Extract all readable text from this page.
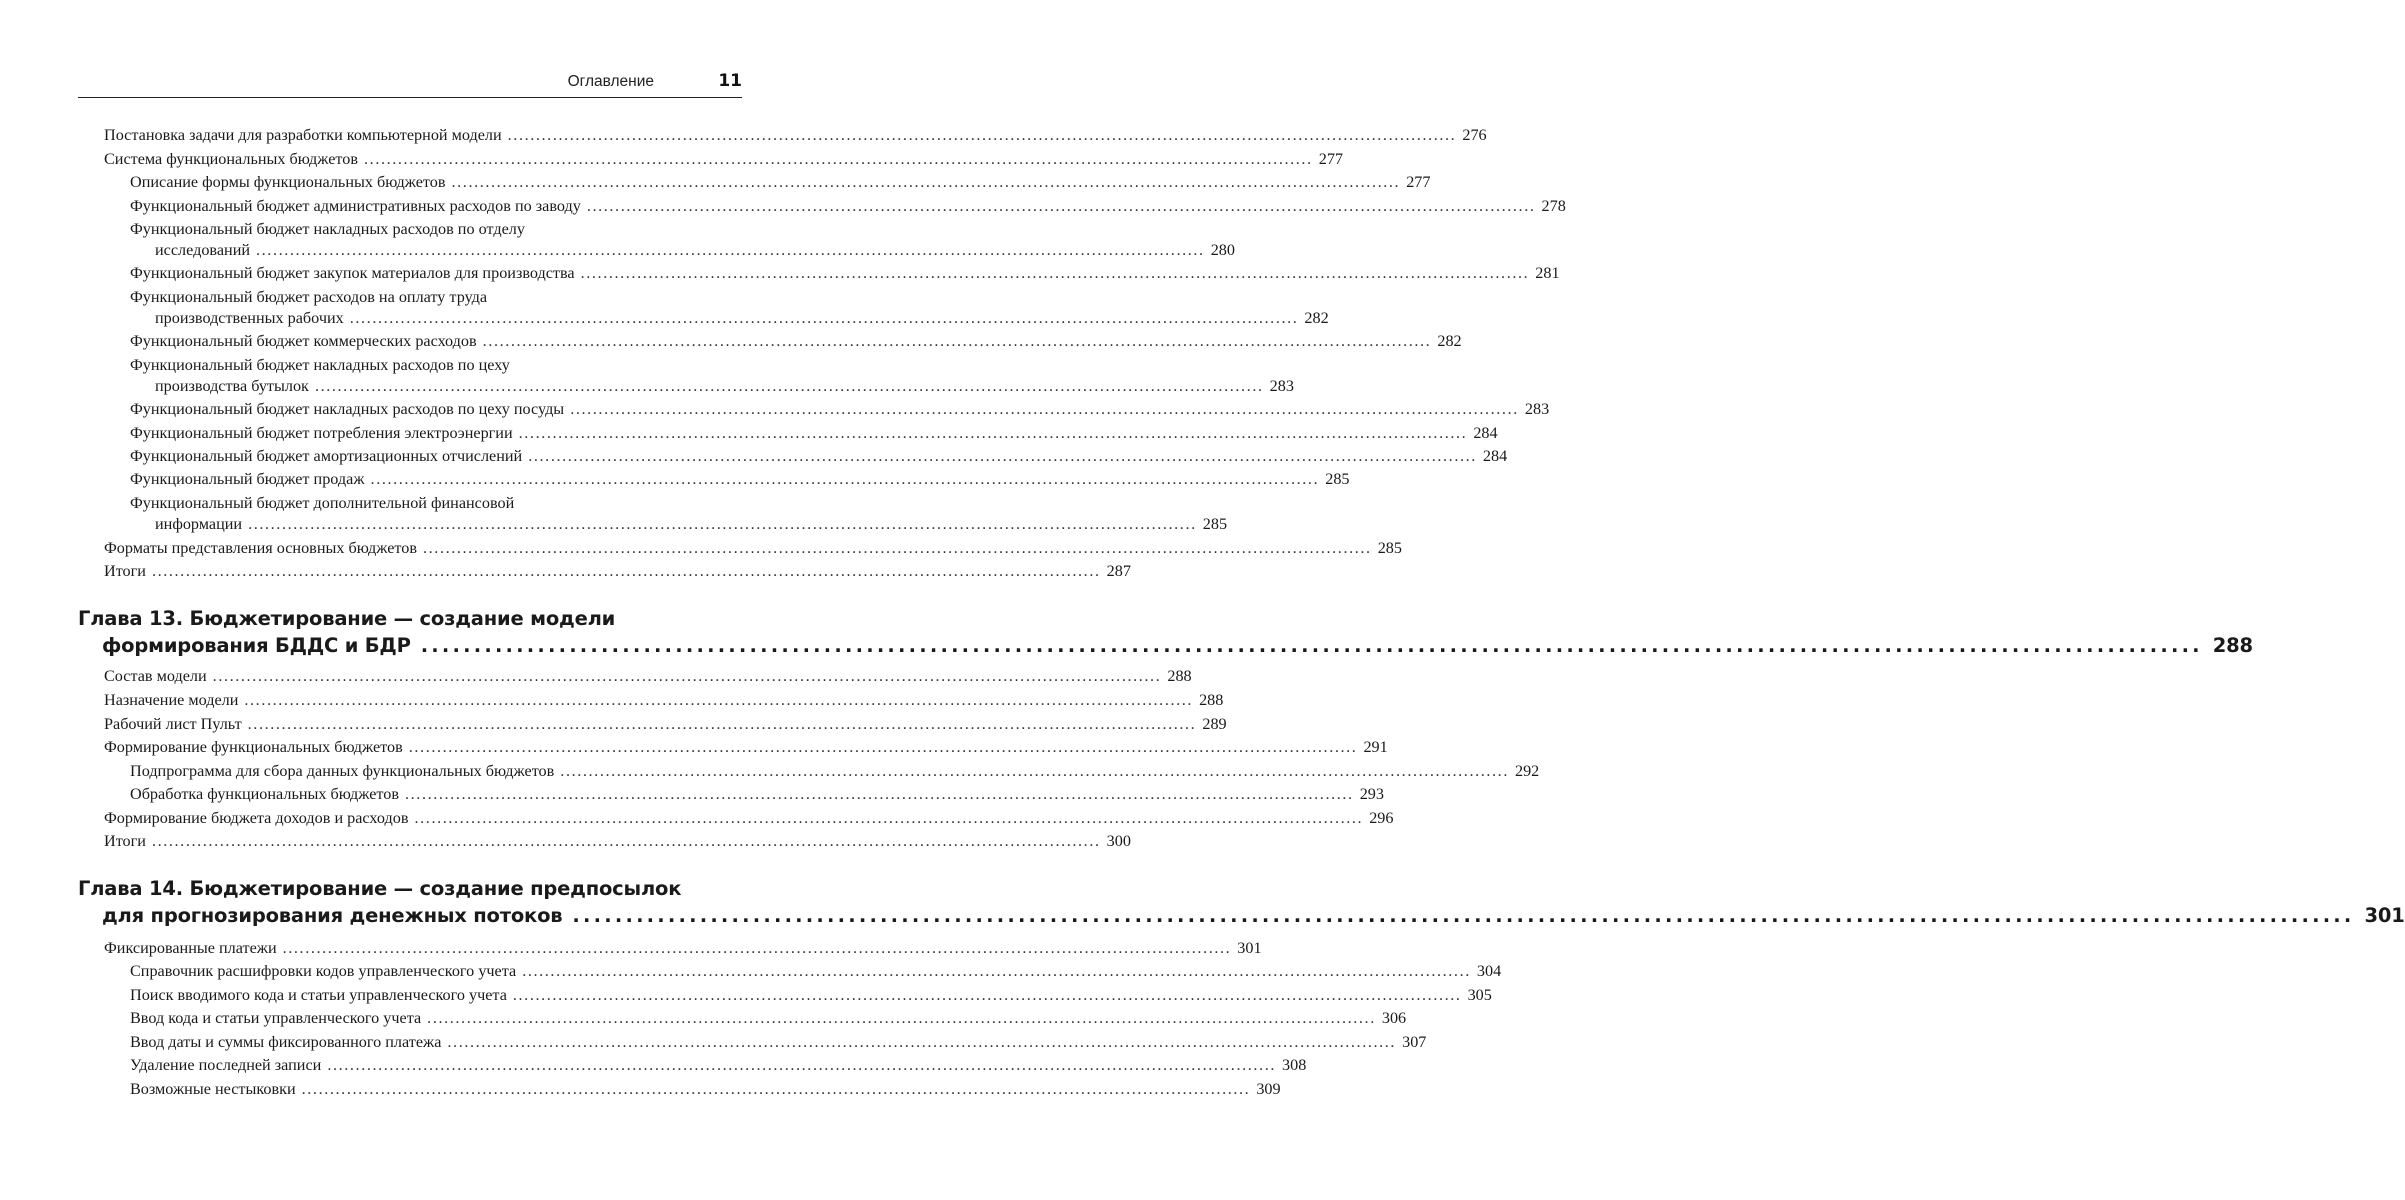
Оглавление	11
Постановка задачи для разработки компьютерной модели ........................................................................................................................................................................ 276
Система функциональных бюджетов ........................................................................................................................................................................ 277
Описание формы функциональных бюджетов ........................................................................................................................................................................ 277
Функциональный бюджет административных расходов по заводу ........................................................................................................................................................................ 278
Функциональный бюджет накладных расходов по отделу
исследований ........................................................................................................................................................................ 280
Функциональный бюджет закупок материалов для производства ........................................................................................................................................................................ 281
Функциональный бюджет расходов на оплату труда
производственных рабочих ........................................................................................................................................................................ 282
Функциональный бюджет коммерческих расходов ........................................................................................................................................................................ 282
Функциональный бюджет накладных расходов по цеху
производства бутылок ........................................................................................................................................................................ 283
Функциональный бюджет накладных расходов по цеху посуды ........................................................................................................................................................................ 283
Функциональный бюджет потребления электроэнергии ........................................................................................................................................................................ 284
Функциональный бюджет амортизационных отчислений ........................................................................................................................................................................ 284
Функциональный бюджет продаж ........................................................................................................................................................................ 285
Функциональный бюджет дополнительной финансовой
информации ........................................................................................................................................................................ 285
Форматы представления основных бюджетов ........................................................................................................................................................................ 285
Итоги ........................................................................................................................................................................ 287
Глава 13. Бюджетирование — создание модели
формирования БДДС и БДР ........................................................................................................................................................................ 288
Состав модели ........................................................................................................................................................................ 288
Назначение модели ........................................................................................................................................................................ 288
Рабочий лист Пульт ........................................................................................................................................................................ 289
Формирование функциональных бюджетов ........................................................................................................................................................................ 291
Подпрограмма для сбора данных функциональных бюджетов ........................................................................................................................................................................ 292
Обработка функциональных бюджетов ........................................................................................................................................................................ 293
Формирование бюджета доходов и расходов ........................................................................................................................................................................ 296
Итоги ........................................................................................................................................................................ 300
Глава 14. Бюджетирование — создание предпосылок
для прогнозирования денежных потоков ........................................................................................................................................................................ 301
Фиксированные платежи ........................................................................................................................................................................ 301
Справочник расшифровки кодов управленческого учета ........................................................................................................................................................................ 304
Поиск вводимого кода и статьи управленческого учета ........................................................................................................................................................................ 305
Ввод кода и статьи управленческого учета ........................................................................................................................................................................ 306
Ввод даты и суммы фиксированного платежа ........................................................................................................................................................................ 307
Удаление последней записи ........................................................................................................................................................................ 308
Возможные нестыковки ........................................................................................................................................................................ 309
